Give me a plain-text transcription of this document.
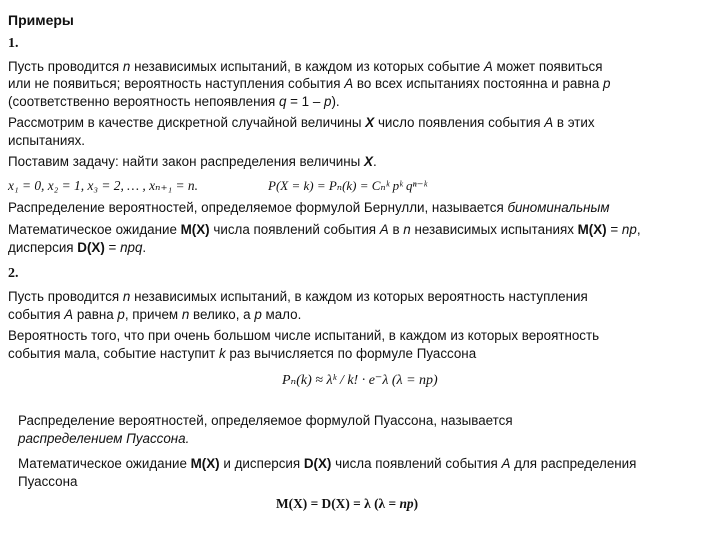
Примеры
1.
Пусть проводится n независимых испытаний, в каждом из которых событие А может появиться
или не появиться; вероятность наступления события А во всех испытаниях постоянна и равна р
(соответственно вероятность непоявления q = 1 – р).
Рассмотрим в качестве дискретной случайной величины Х число появления события А в этих
испытаниях.
Поставим задачу: найти закон распределения величины Х.
x₁ = 0, x₂ = 1, x₃ = 2, … , xₙ₊₁ = n.	P(X = k) = Pₙ(k) = Cₙᵏ pᵏ qⁿ⁻ᵏ
Распределение вероятностей, определяемое формулой Бернулли, называется биноминальным
Математическое ожидание М(Х) числа появлений события А в n независимых испытаниях М(Х) = nр,
дисперсия D(X) = npq.
2.
Пусть проводится n независимых испытаний, в каждом из которых вероятность наступления
события А равна р, причем n велико, а р мало.
Вероятность того, что при очень большом числе испытаний, в каждом из которых вероятность
события мала, событие наступит k раз вычисляется по формуле Пуассона
Pₙ(k) ≈ λᵏ / k! · e⁻λ (λ = np)
Распределение вероятностей, определяемое формулой Пуассона, называется
распределением Пуассона.
Математическое ожидание М(Х) и дисперсия D(X) числа появлений события А для распределения
Пуассона
М(Х) = D(X) = λ (λ = np)
